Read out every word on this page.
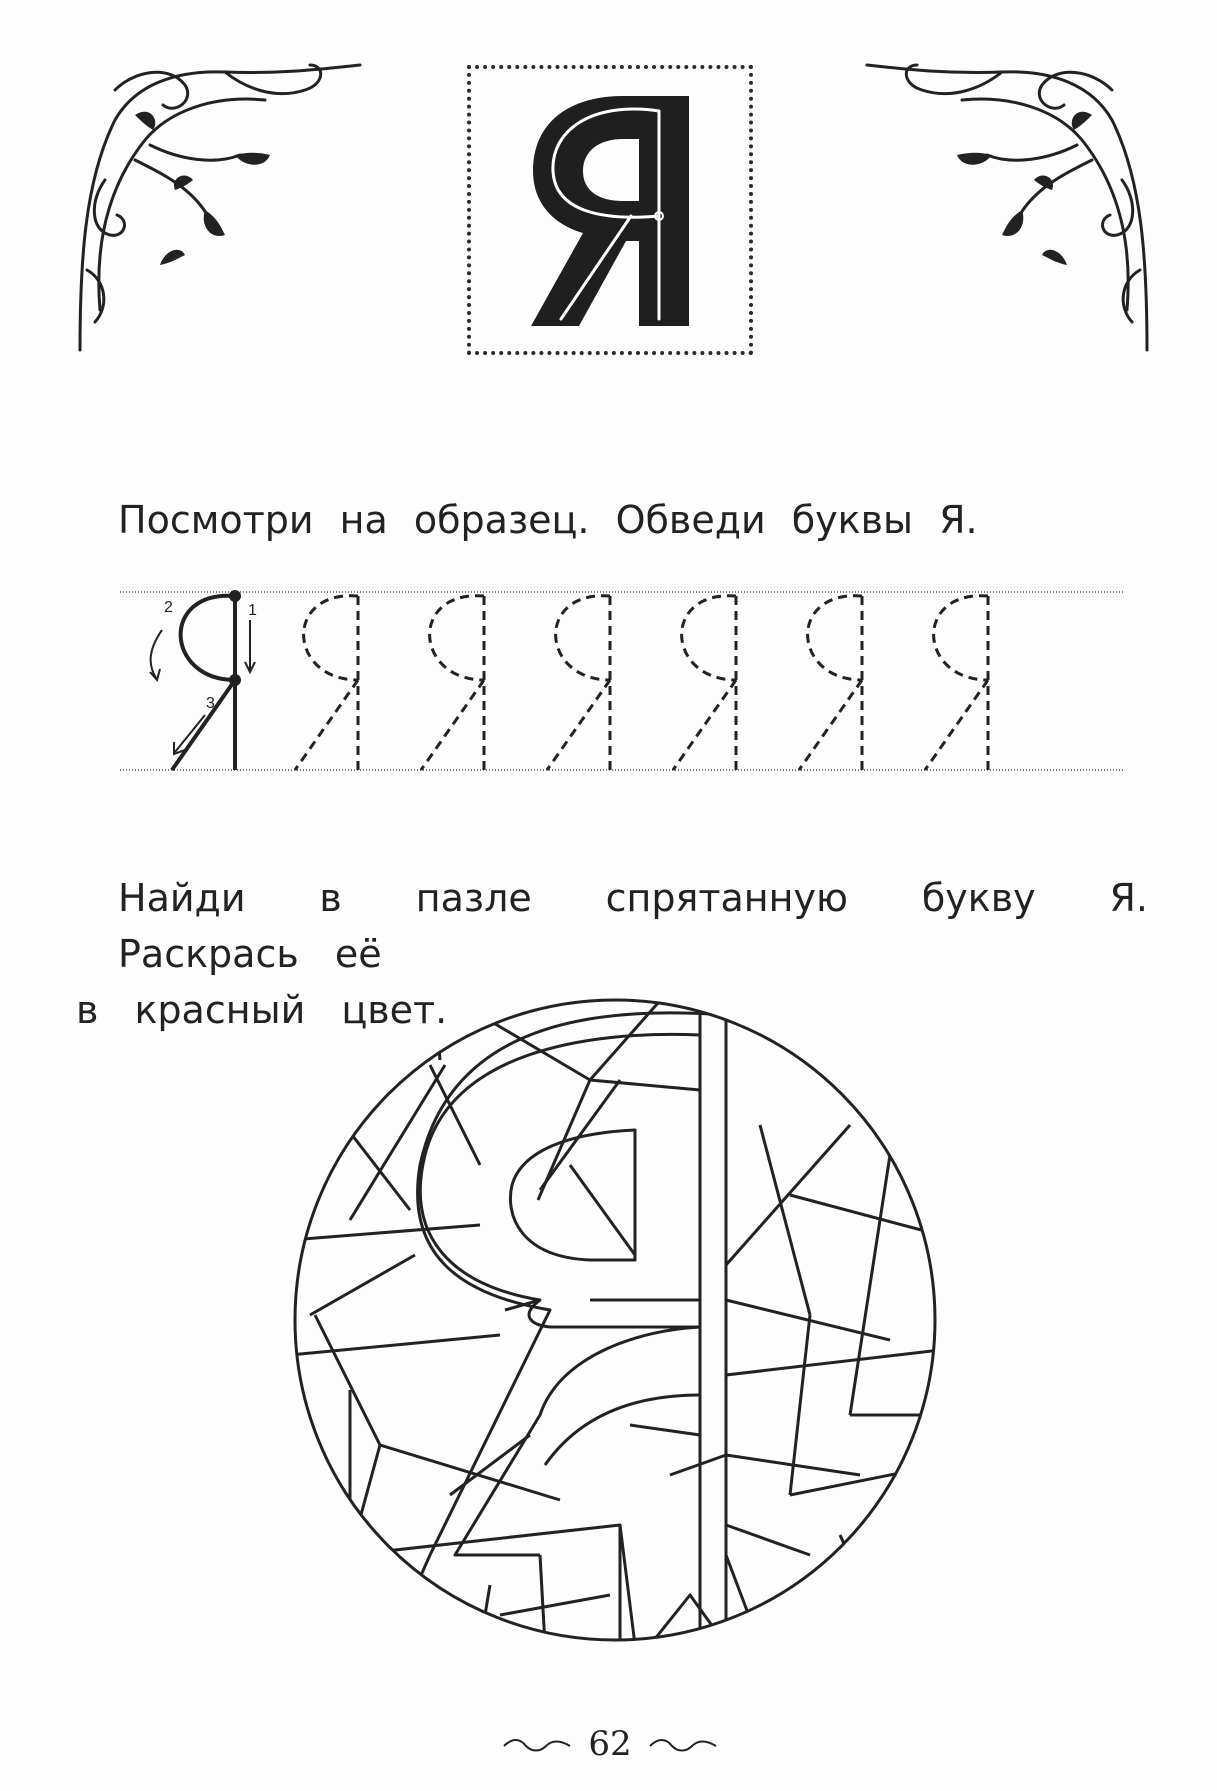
Посмотри на образец. Обведи буквы Я.

1
2
3

Найди в пазле спрятанную букву Я. Раскрась её
в красный цвет.

62
